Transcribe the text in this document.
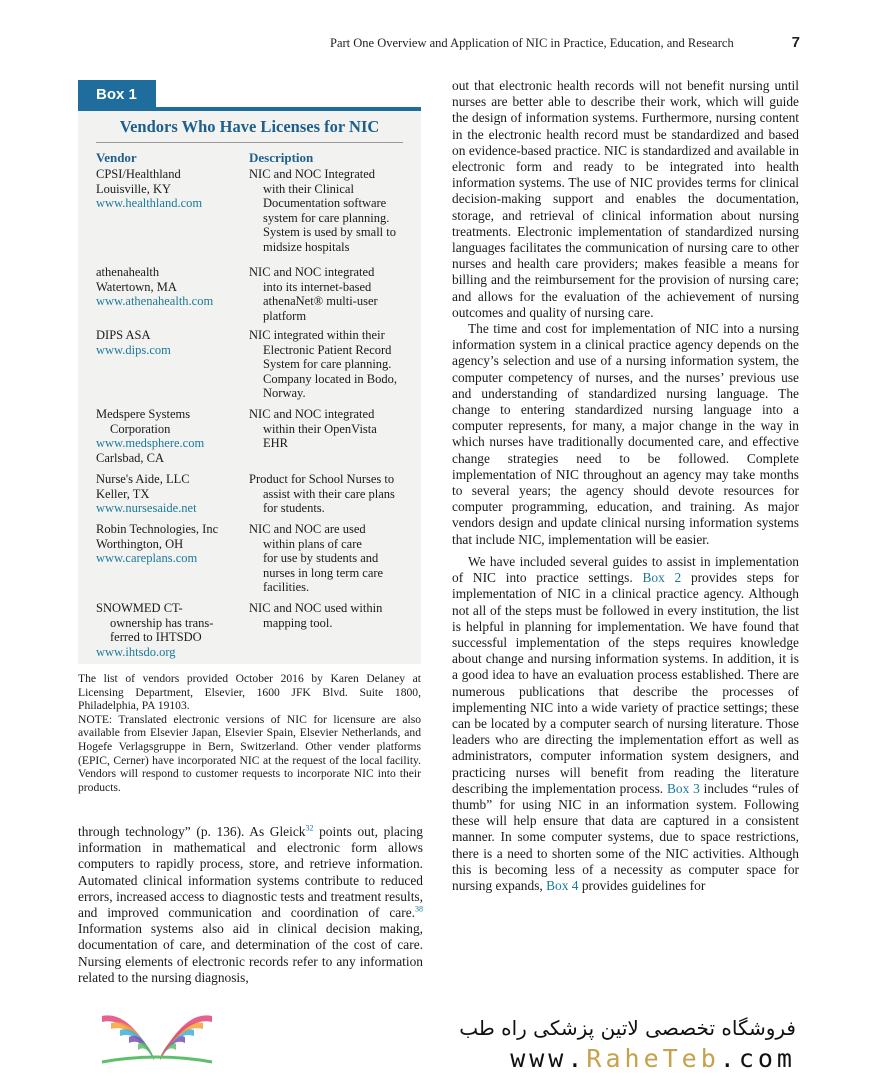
Part One Overview and Application of NIC in Practice, Education, and Research	7
Box 1
Vendors Who Have Licenses for NIC
Vendor	Description
CPSI/Healthland
Louisville, KY
www.healthland.com
NIC and NOC Integrated
with their Clinical
Documentation software
system for care planning.
System is used by small to
midsize hospitals
athenahealth
Watertown, MA
www.athenahealth.com
NIC and NOC integrated
into its internet-based
athenaNet® multi-user
platform
DIPS ASA
www.dips.com
NIC integrated within their
Electronic Patient Record
System for care planning.
Company located in Bodo,
Norway.
Medspere Systems
Corporation
www.medsphere.com
Carlsbad, CA
NIC and NOC integrated
within their OpenVista
EHR
Nurse's Aide, LLC
Keller, TX
www.nursesaide.net
Product for School Nurses to
assist with their care plans
for students.
Robin Technologies, Inc
Worthington, OH
www.careplans.com
NIC and NOC are used
within plans of care
for use by students and
nurses in long term care
facilities.
SNOWMED CT-
ownership has trans-
ferred to IHTSDO
www.ihtsdo.org
NIC and NOC used within
mapping tool.

The list of vendors provided October 2016 by Karen Delaney at Licensing Department, Elsevier, 1600 JFK Blvd. Suite 1800, Philadelphia, PA 19103.

NOTE: Translated electronic versions of NIC for licensure are also available from Elsevier Japan, Elsevier Spain, Elsevier Netherlands, and Hogefe Verlagsgruppe in Bern, Switzerland. Other vender platforms (EPIC, Cerner) have incorporated NIC at the request of the local facility. Vendors will respond to customer requests to incorporate NIC into their products.

through technology” (p. 136). As Gleick$^{32}$ points out, placing information in mathematical and electronic form allows computers to rapidly process, store, and retrieve information. Automated clinical information systems contribute to reduced errors, increased access to diagnostic tests and treatment results, and improved communication and coordination of care.$^{38}$ Information systems also aid in clinical decision making, documentation of care, and determination of the cost of care. Nursing elements of electronic records refer to any information related to the nursing diagnosis,

out that electronic health records will not benefit nursing until nurses are better able to describe their work, which will guide the design of information systems. Furthermore, nursing content in the electronic health record must be standardized and based on evidence-based practice. NIC is standardized and available in electronic form and ready to be integrated into health information systems. The use of NIC provides terms for clinical decision-making support and enables the documentation, storage, and retrieval of clinical information about nursing treatments. Electronic implementation of standardized nursing languages facilitates the communication of nursing care to other nurses and health care providers; makes feasible a means for billing and the reimbursement for the provision of nursing care; and allows for the evaluation of the achievement of nursing outcomes and quality of nursing care.

The time and cost for implementation of NIC into a nursing information system in a clinical practice agency depends on the agency’s selection and use of a nursing information system, the computer competency of nurses, and the nurses’ previous use and understanding of standardized nursing language. The change to entering standardized nursing language into a computer represents, for many, a major change in the way in which nurses have traditionally documented care, and effective change strategies need to be followed. Complete implementation of NIC throughout an agency may take months to several years; the agency should devote resources for computer programming, education, and training. As major vendors design and update clinical nursing information systems that include NIC, implementation will be easier.

We have included several guides to assist in implementation of NIC into practice settings. Box 2 provides steps for implementation of NIC in a clinical practice agency. Although not all of the steps must be followed in every institution, the list is helpful in planning for implementation. We have found that successful implementation of the steps requires knowledge about change and nursing information systems. In addition, it is a good idea to have an evaluation process established. There are numerous publications that describe the processes of implementing NIC into a wide variety of practice settings; these can be located by a computer search of nursing literature. Those leaders who are directing the implementation effort as well as administrators, computer information system designers, and practicing nurses will benefit from reading the literature describing the implementation process. Box 3 includes “rules of thumb” for using NIC in an information system. Following these will help ensure that data are captured in a consistent manner. In some computer systems, due to space restrictions, there is a need to shorten some of the NIC activities. Although this is becoming less of a necessity as computer space for nursing expands, Box 4 provides guidelines for

فروشگاه تخصصی لاتین پزشکی راه طب
www.RaheTeb.com
